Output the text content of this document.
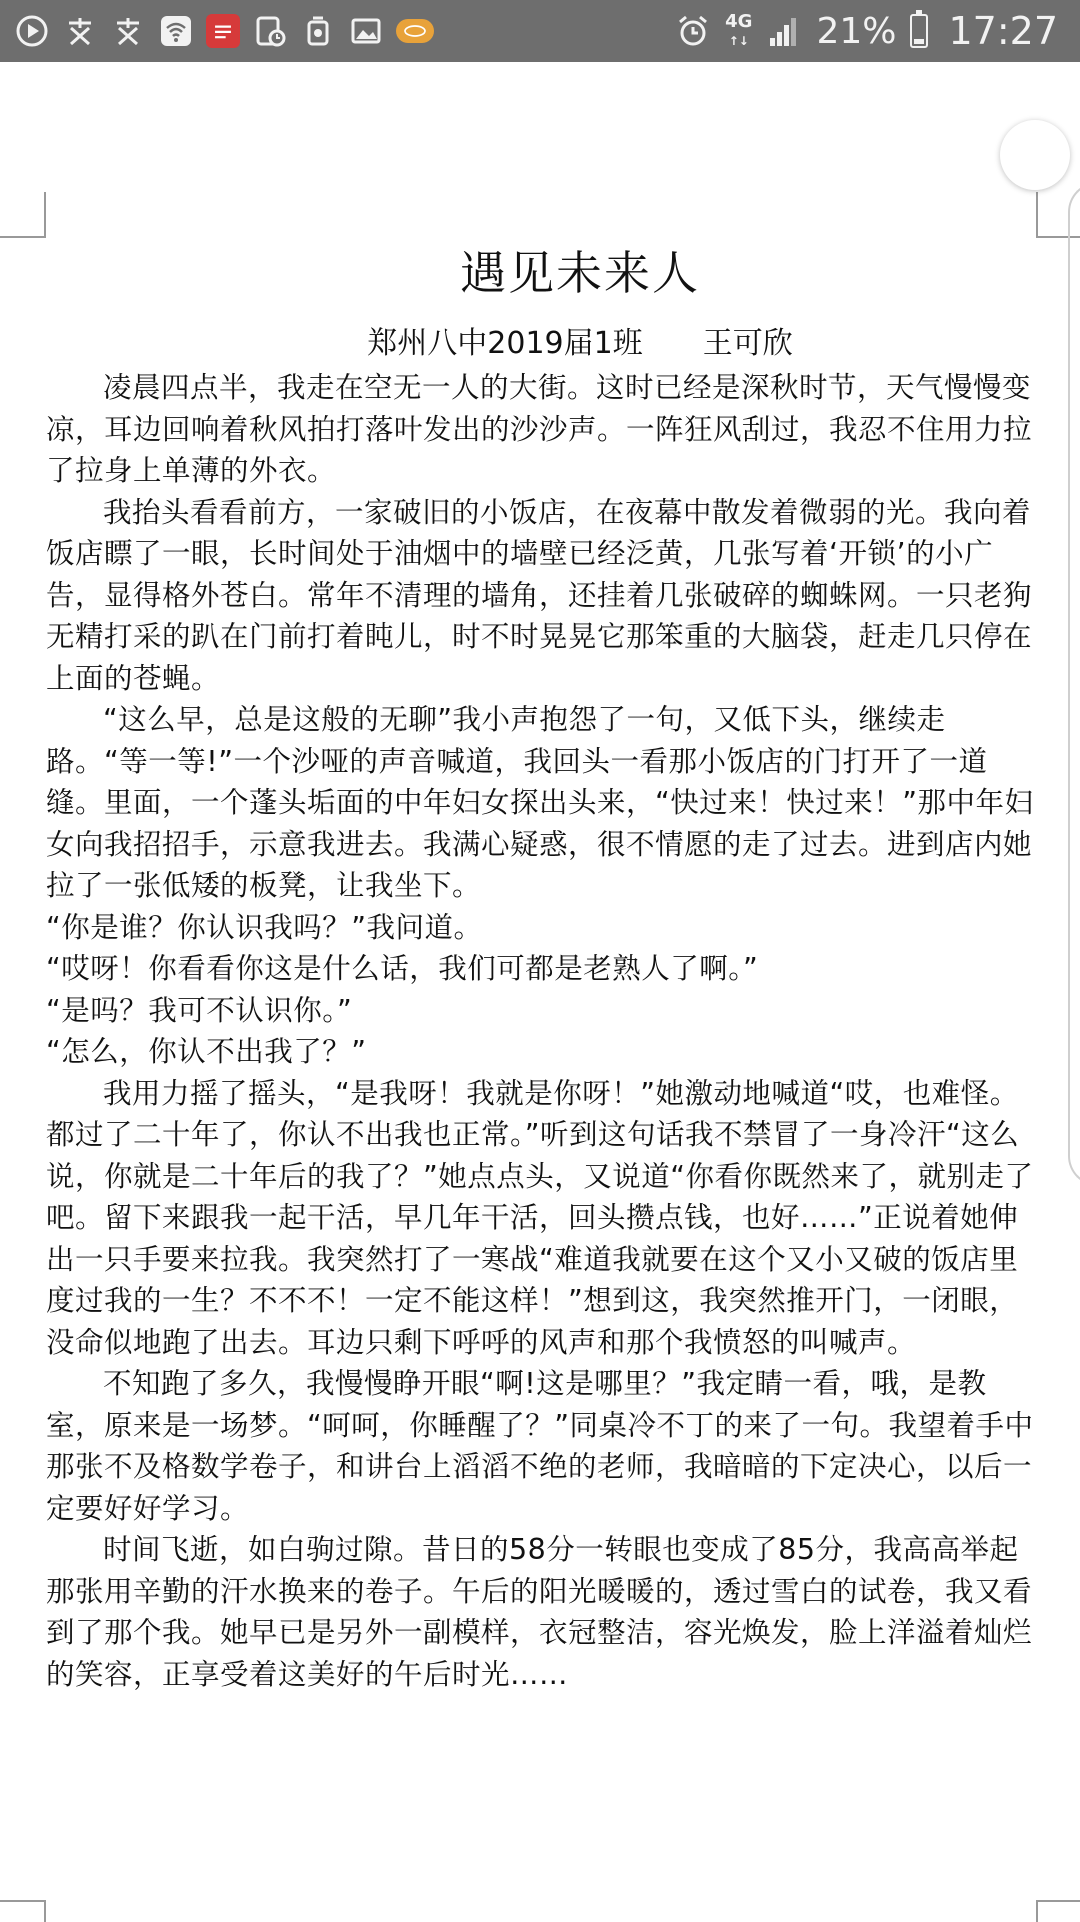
4G
↑↓ 21% 17:27
遇见未来人
郑州八中2019届1班　　王可欣

凌晨四点半，我走在空无一人的大街。这时已经是深秋时节，天气慢慢变凉，耳边回响着秋风拍打落叶发出的沙沙声。一阵狂风刮过，我忍不住用力拉了拉身上单薄的外衣。

我抬头看看前方，一家破旧的小饭店，在夜幕中散发着微弱的光。我向着饭店瞟了一眼，长时间处于油烟中的墙壁已经泛黄，几张写着‘开锁’的小广告，显得格外苍白。常年不清理的墙角，还挂着几张破碎的蜘蛛网。一只老狗无精打采的趴在门前打着盹儿，时不时晃晃它那笨重的大脑袋，赶走几只停在上面的苍蝇。

“这么早，总是这般的无聊”我小声抱怨了一句，又低下头，继续走路。“等一等!”一个沙哑的声音喊道，我回头一看那小饭店的门打开了一道缝。里面，一个蓬头垢面的中年妇女探出头来，“快过来！快过来！”那中年妇女向我招招手，示意我进去。我满心疑惑，很不情愿的走了过去。进到店内她拉了一张低矮的板凳，让我坐下。

“你是谁？你认识我吗？”我问道。

“哎呀！你看看你这是什么话，我们可都是老熟人了啊。”

“是吗？我可不认识你。”

“怎么，你认不出我了？”

我用力摇了摇头，“是我呀！我就是你呀！”她激动地喊道“哎，也难怪。都过了二十年了，你认不出我也正常。”听到这句话我不禁冒了一身冷汗“这么说，你就是二十年后的我了？”她点点头，又说道“你看你既然来了，就别走了吧。留下来跟我一起干活，早几年干活，回头攒点钱，也好……”正说着她伸出一只手要来拉我。我突然打了一寒战“难道我就要在这个又小又破的饭店里度过我的一生？不不不！一定不能这样！”想到这，我突然推开门，一闭眼，没命似地跑了出去。耳边只剩下呼呼的风声和那个我愤怒的叫喊声。

不知跑了多久，我慢慢睁开眼“啊!这是哪里？”我定睛一看，哦，是教室，原来是一场梦。“呵呵，你睡醒了？”同桌冷不丁的来了一句。我望着手中那张不及格数学卷子，和讲台上滔滔不绝的老师，我暗暗的下定决心，以后一定要好好学习。

时间飞逝，如白驹过隙。昔日的58分一转眼也变成了85分，我高高举起那张用辛勤的汗水换来的卷子。午后的阳光暖暖的，透过雪白的试卷，我又看到了那个我。她早已是另外一副模样，衣冠整洁，容光焕发，脸上洋溢着灿烂的笑容，正享受着这美好的午后时光……
